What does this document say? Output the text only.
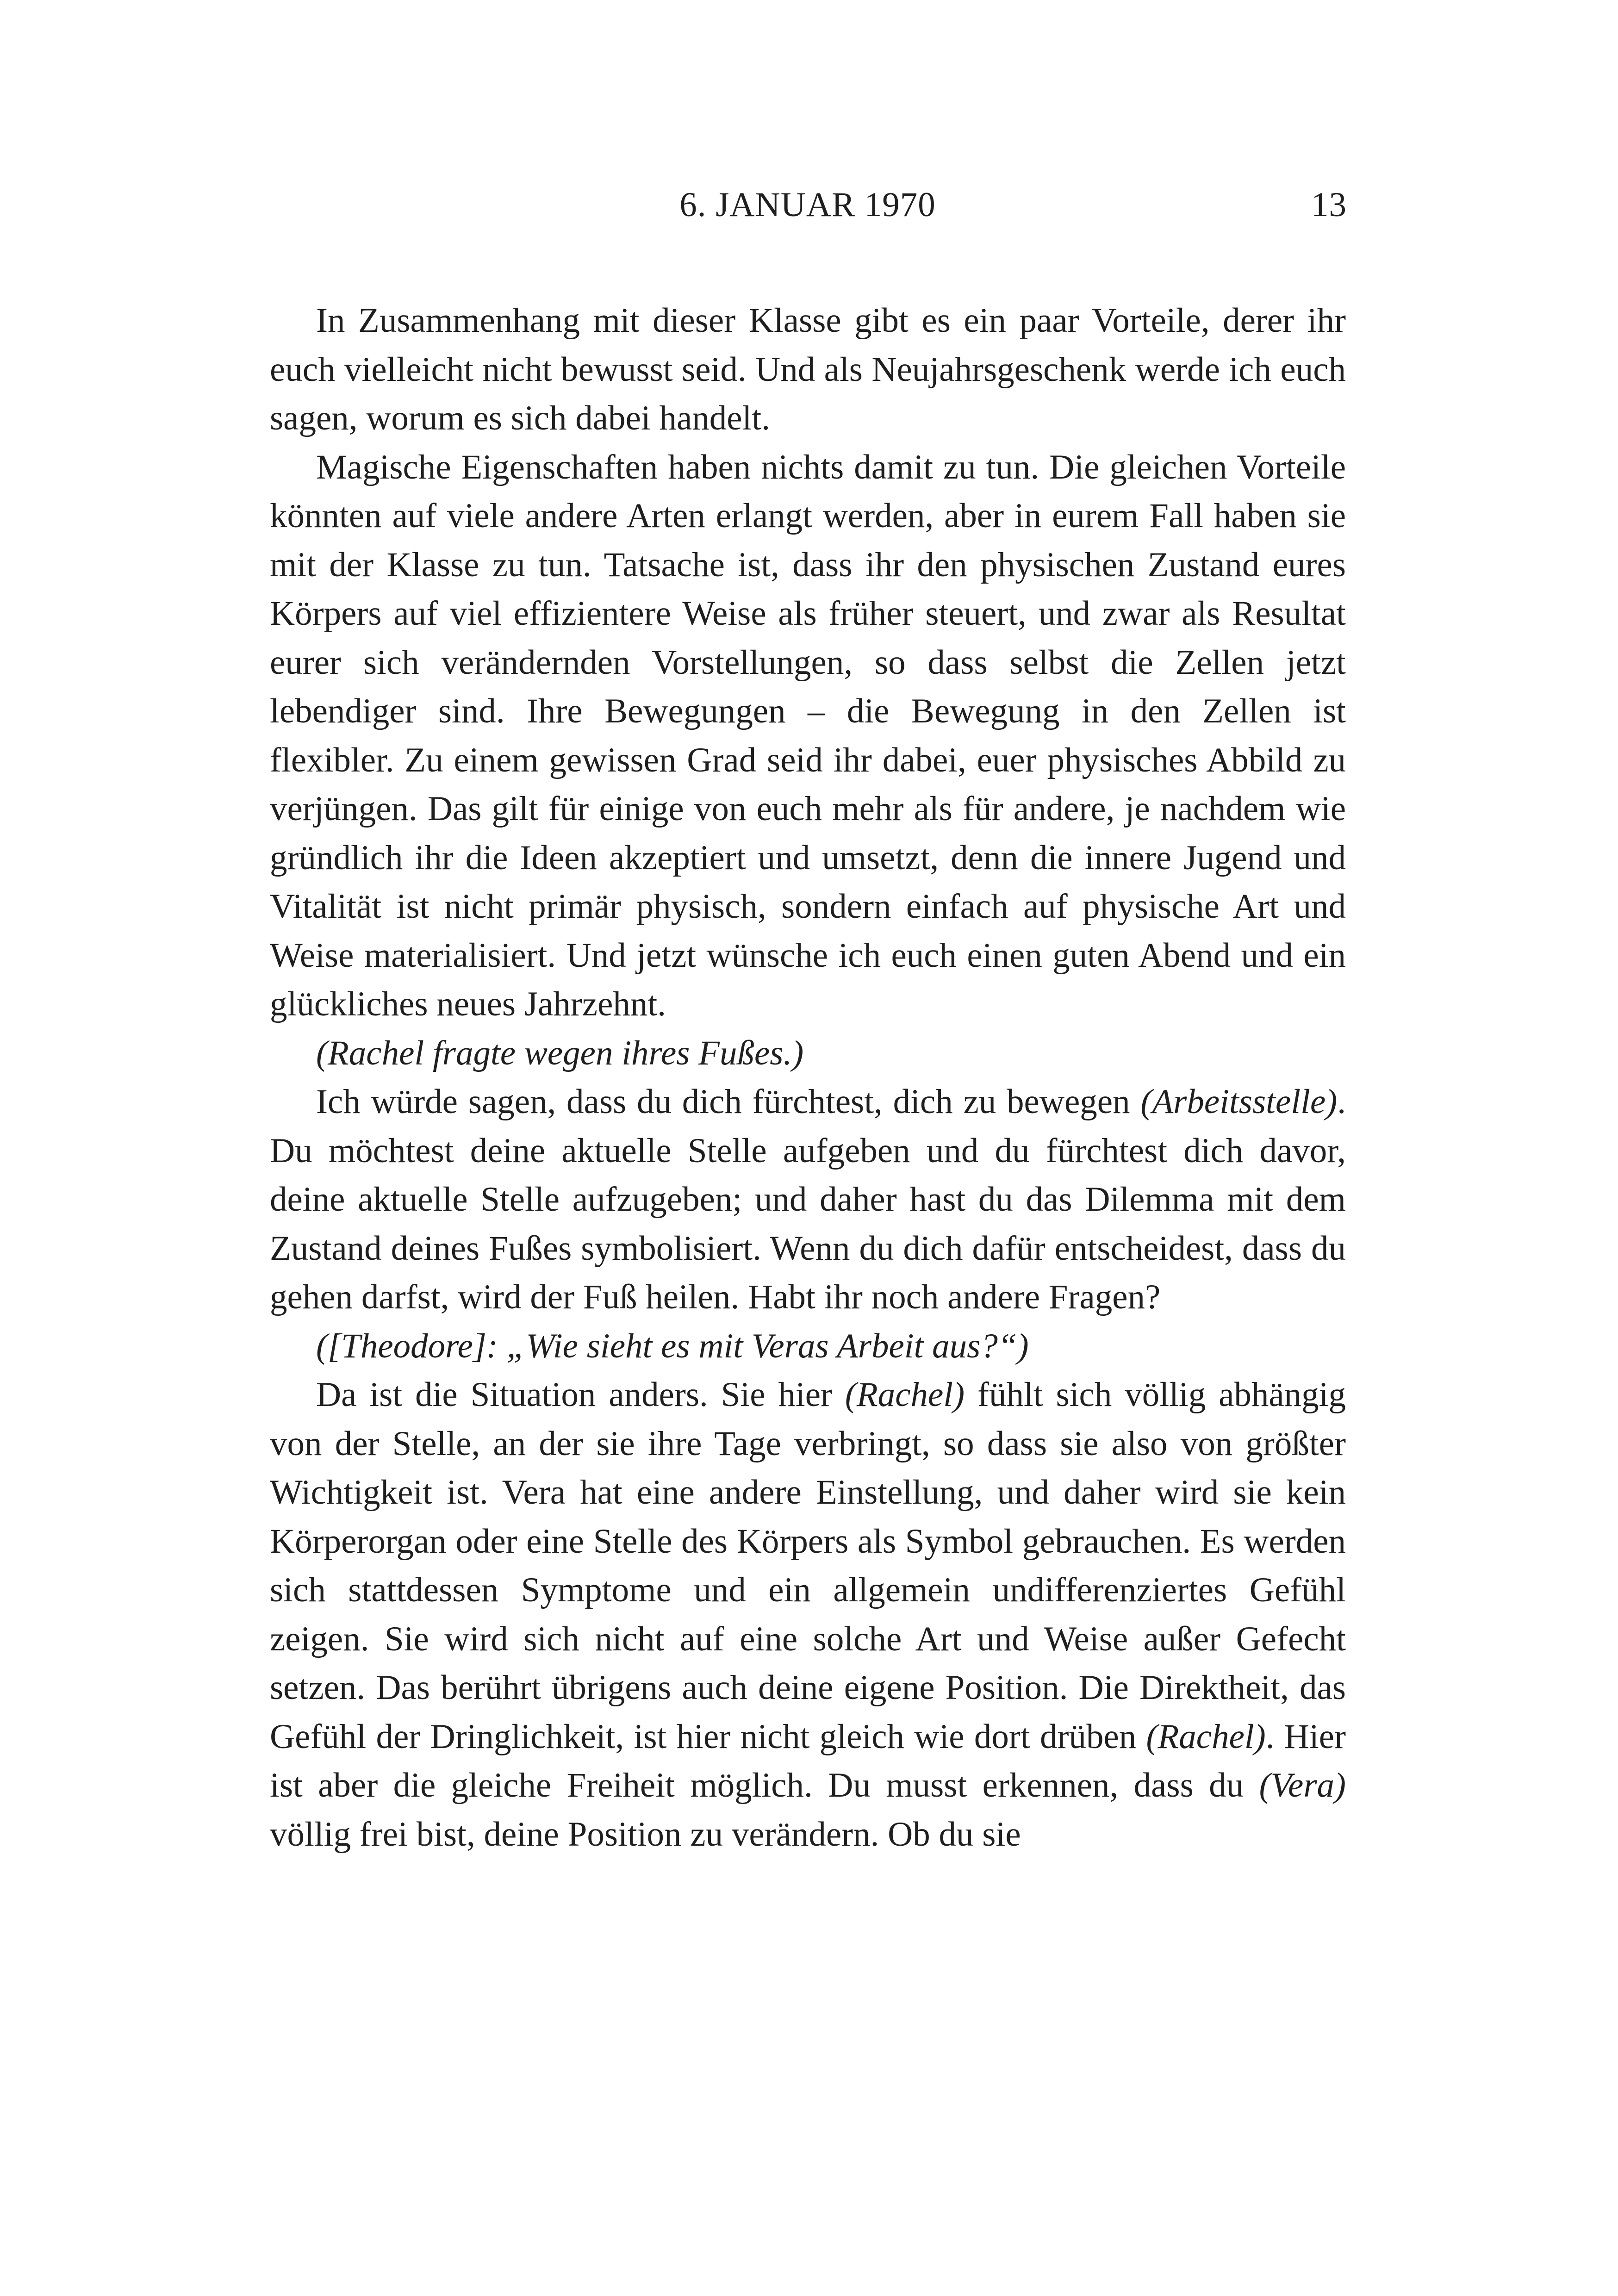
6. JANUAR 1970	13

In Zusammenhang mit dieser Klasse gibt es ein paar Vorteile, derer ihr euch vielleicht nicht bewusst seid. Und als Neujahrsgeschenk werde ich euch sagen, worum es sich dabei handelt.

Magische Eigenschaften haben nichts damit zu tun. Die gleichen Vorteile könnten auf viele andere Arten erlangt werden, aber in eurem Fall haben sie mit der Klasse zu tun. Tatsache ist, dass ihr den physischen Zustand eures Körpers auf viel effizientere Weise als früher steuert, und zwar als Resultat eurer sich verändernden Vorstellungen, so dass selbst die Zellen jetzt lebendiger sind. Ihre Bewegungen – die Bewegung in den Zellen ist flexibler. Zu einem gewissen Grad seid ihr dabei, euer physisches Abbild zu verjüngen. Das gilt für einige von euch mehr als für andere, je nachdem wie gründlich ihr die Ideen akzeptiert und umsetzt, denn die innere Jugend und Vitalität ist nicht primär physisch, sondern einfach auf physische Art und Weise materialisiert. Und jetzt wünsche ich euch einen guten Abend und ein glückliches neues Jahrzehnt.

(Rachel fragte wegen ihres Fußes.)

Ich würde sagen, dass du dich fürchtest, dich zu bewegen (Arbeitsstelle). Du möchtest deine aktuelle Stelle aufgeben und du fürchtest dich davor, deine aktuelle Stelle aufzugeben; und daher hast du das Dilemma mit dem Zustand deines Fußes symbolisiert. Wenn du dich dafür entscheidest, dass du gehen darfst, wird der Fuß heilen. Habt ihr noch andere Fragen?

([Theodore]: „Wie sieht es mit Veras Arbeit aus?“)

Da ist die Situation anders. Sie hier (Rachel) fühlt sich völlig abhängig von der Stelle, an der sie ihre Tage verbringt, so dass sie also von größter Wichtigkeit ist. Vera hat eine andere Einstellung, und daher wird sie kein Körperorgan oder eine Stelle des Körpers als Symbol gebrauchen. Es werden sich stattdessen Symptome und ein allgemein undifferenziertes Gefühl zeigen. Sie wird sich nicht auf eine solche Art und Weise außer Gefecht setzen. Das berührt übrigens auch deine eigene Position. Die Direktheit, das Gefühl der Dringlichkeit, ist hier nicht gleich wie dort drüben (Rachel). Hier ist aber die gleiche Freiheit möglich. Du musst erkennen, dass du (Vera) völlig frei bist, deine Position zu verändern. Ob du sie
